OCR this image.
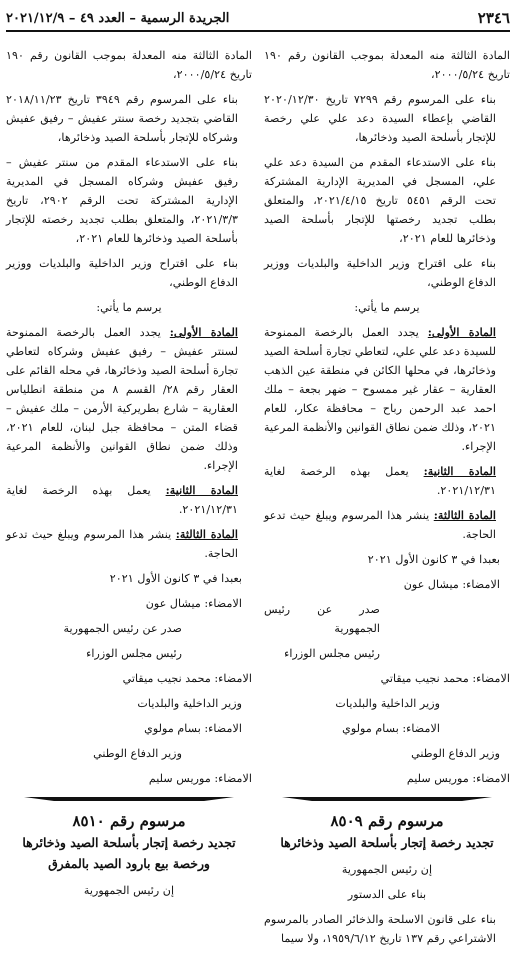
٢٣٤٦
الجريدة الرسمية – العدد ٤٩ – ٢٠٢١/١٢/٩

المادة الثالثة منه المعدلة بموجب القانون رقم ١٩٠ تاريخ ٢٠٠٠/٥/٢٤،

بناء على المرسوم رقم ٧٢٩٩ تاريخ ٢٠٢٠/١٢/٣٠ القاضي بإعطاء السيدة دعد علي علي رخصة للإتجار بأسلحة الصيد وذخائرها،

بناء على الاستدعاء المقدم من السيدة دعد علي علي، المسجل في المديرية الإدارية المشتركة تحت الرقم ٥٤٥١ تاريخ ٢٠٢١/٤/١٥، والمتعلق بطلب تجديد رخصتها للإتجار بأسلحة الصيد وذخائرها للعام ٢٠٢١،

بناء على اقتراح وزير الداخلية والبلديات ووزير الدفاع الوطني،

يرسم ما يأتي:

المادة الأولى: يجدد العمل بالرخصة الممنوحة للسيدة دعد علي علي، لتعاطي تجارة أسلحة الصيد وذخائرها، في محلها الكائن في منطقة عين الذهب العقارية – عقار غير ممسوح – ضهر بجعة – ملك احمد عبد الرحمن رباح – محافظة عكار، للعام ٢٠٢١، وذلك ضمن نطاق القوانين والأنظمة المرعية الإجراء.

المادة الثانية: يعمل بهذه الرخصة لغاية ٢٠٢١/١٢/٣١.

المادة الثالثة: ينشر هذا المرسوم ويبلغ حيث تدعو الحاجة.

بعبدا في ٣ كانون الأول ٢٠٢١

الامضاء: ميشال عون

صدر عن رئيس الجمهورية

رئيس مجلس الوزراء

الامضاء: محمد نجيب ميقاتي

وزير الداخلية والبلديات

الامضاء: بسام مولوي

وزير الدفاع الوطني

الامضاء: موريس سليم

مرسوم رقم ٨٥٠٩
تجديد رخصة إتجار بأسلحة الصيد وذخائرها

إن رئيس الجمهورية

بناء على الدستور

بناء على قانون الاسلحة والذخائر الصادر بالمرسوم الاشتراعي رقم ١٣٧ تاريخ ١٩٥٩/٦/١٢، ولا سيما

المادة الثالثة منه المعدلة بموجب القانون رقم ١٩٠ تاريخ ٢٠٠٠/٥/٢٤،

بناء على المرسوم رقم ٣٩٤٩ تاريخ ٢٠١٨/١١/٢٣ القاضي بتجديد رخصة سنتر عفيش – رفيق عفيش وشركاه للإتجار بأسلحة الصيد وذخائرها،

بناء على الاستدعاء المقدم من سنتر عفيش – رفيق عفيش وشركاه المسجل في المديرية الإدارية المشتركة تحت الرقم ٢٩٠٢، تاريخ ٢٠٢١/٣/٣، والمتعلق بطلب تجديد رخصته للإتجار بأسلحة الصيد وذخائرها للعام ٢٠٢١،

بناء على اقتراح وزير الداخلية والبلديات ووزير الدفاع الوطني،

يرسم ما يأتي:

المادة الأولى: يجدد العمل بالرخصة الممنوحة لسنتر عفيش – رفيق عفيش وشركاه لتعاطي تجارة أسلحة الصيد وذخائرها، في محله القائم على العقار رقم ٢٨/ القسم ٨ من منطقة انطلياس العقارية – شارع بطريركية الأرمن – ملك عفيش – قضاء المتن – محافظة جبل لبنان، للعام ٢٠٢١، وذلك ضمن نطاق القوانين والأنظمة المرعية الإجراء.

المادة الثانية: يعمل بهذه الرخصة لغاية ٢٠٢١/١٢/٣١.

المادة الثالثة: ينشر هذا المرسوم ويبلغ حيث تدعو الحاجة.

بعبدا في ٣ كانون الأول ٢٠٢١

الامضاء: ميشال عون

صدر عن رئيس الجمهورية

رئيس مجلس الوزراء

الامضاء: محمد نجيب ميقاتي

وزير الداخلية والبلديات

الامضاء: بسام مولوي

وزير الدفاع الوطني

الامضاء: موريس سليم

مرسوم رقم ٨٥١٠
تجديد رخصة إتجار بأسلحة الصيد وذخائرها
ورخصة بيع بارود الصيد بالمفرق

إن رئيس الجمهورية
